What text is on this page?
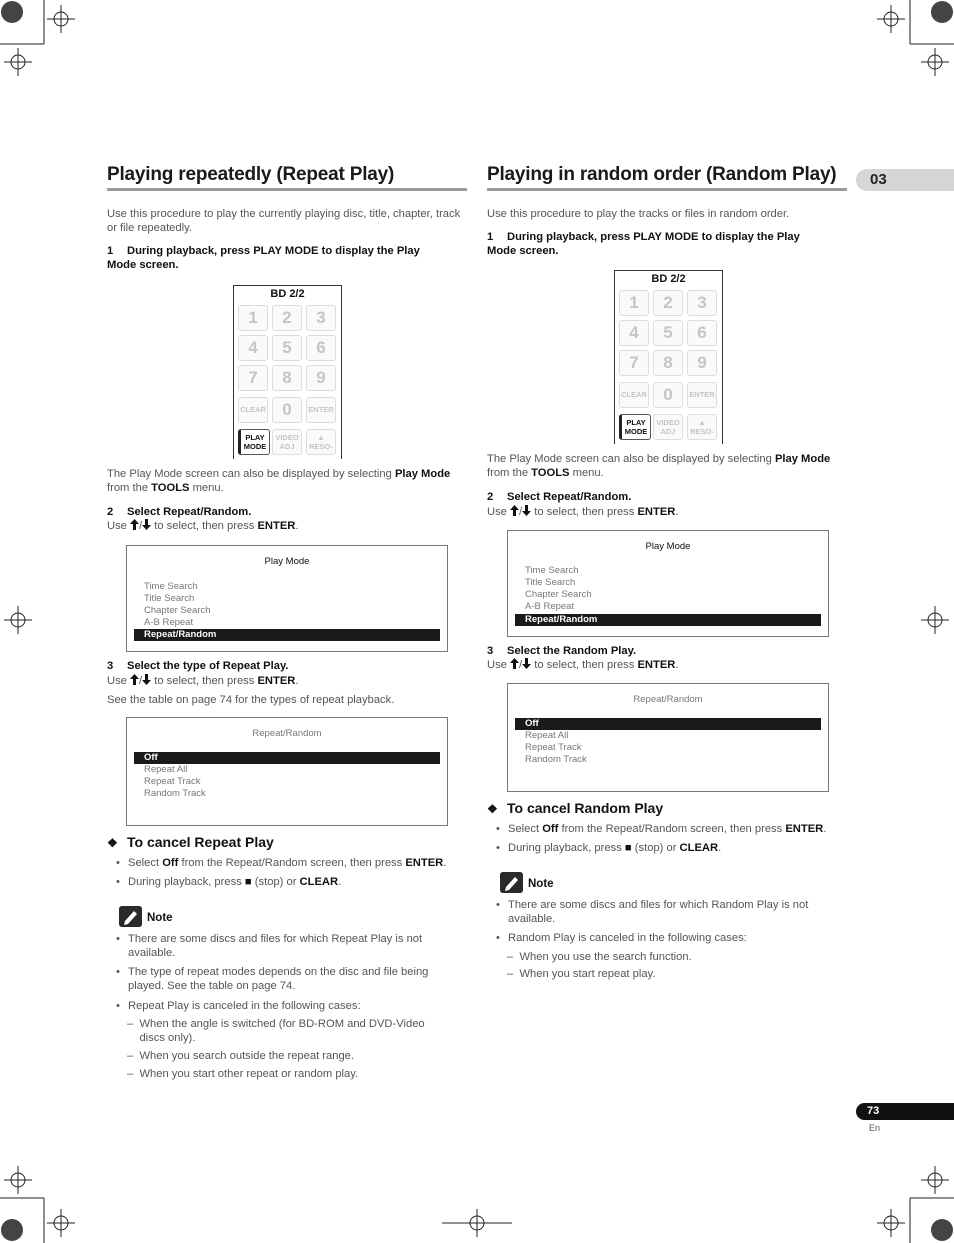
03
Playing repeatedly (Repeat Play)
Use this procedure to play the currently playing disc, title, chapter, track or file repeatedly.
1 During playback, press PLAY MODE to display the Play
Mode screen.
BD 2/2
1	2	3
4	5	6
7	8	9
CLEAR 0	ENTER
PLAY
MODE
VIDEO
ADJ
▲
RESO-
The Play Mode screen can also be displayed by selecting Play Mode
from the TOOLS menu.
2 Select Repeat/Random.
Use / to select, then press ENTER.
Play Mode
Time Search
Title Search
Chapter Search
A-B Repeat
Repeat/Random
3 Select the type of Repeat Play.
Use / to select, then press ENTER.
See the table on page 74 for the types of repeat playback.
Repeat/Random
Off
Repeat All
Repeat Track
Random Track
❖ To cancel Repeat Play
• Select Off from the Repeat/Random screen, then press ENTER.
• During playback, press ■ (stop) or CLEAR.
Note
• There are some discs and files for which Repeat Play is not
available.
• The type of repeat modes depends on the disc and file being
played. See the table on page 74.
• Repeat Play is canceled in the following cases:
–  When the angle is switched (for BD-ROM and DVD-Video
discs only).
–  When you search outside the repeat range.
–  When you start other repeat or random play.
Playing in random order (Random Play)
Use this procedure to play the tracks or files in random order.
1 During playback, press PLAY MODE to display the Play
Mode screen.
BD 2/2
1	2	3
4	5	6
7	8	9
CLEAR 0	ENTER
PLAY
MODE
VIDEO
ADJ
▲
RESO-
The Play Mode screen can also be displayed by selecting Play Mode
from the TOOLS menu.
2 Select Repeat/Random.
Use / to select, then press ENTER.
Play Mode
Time Search
Title Search
Chapter Search
A-B Repeat
Repeat/Random
3 Select the Random Play.
Use / to select, then press ENTER.
Repeat/Random
Off
Repeat All
Repeat Track
Random Track
❖ To cancel Random Play
• Select Off from the Repeat/Random screen, then press ENTER.
• During playback, press ■ (stop) or CLEAR.
Note
• There are some discs and files for which Random Play is not
available.
• Random Play is canceled in the following cases:
–  When you use the search function.
–  When you start repeat play.
73
En
